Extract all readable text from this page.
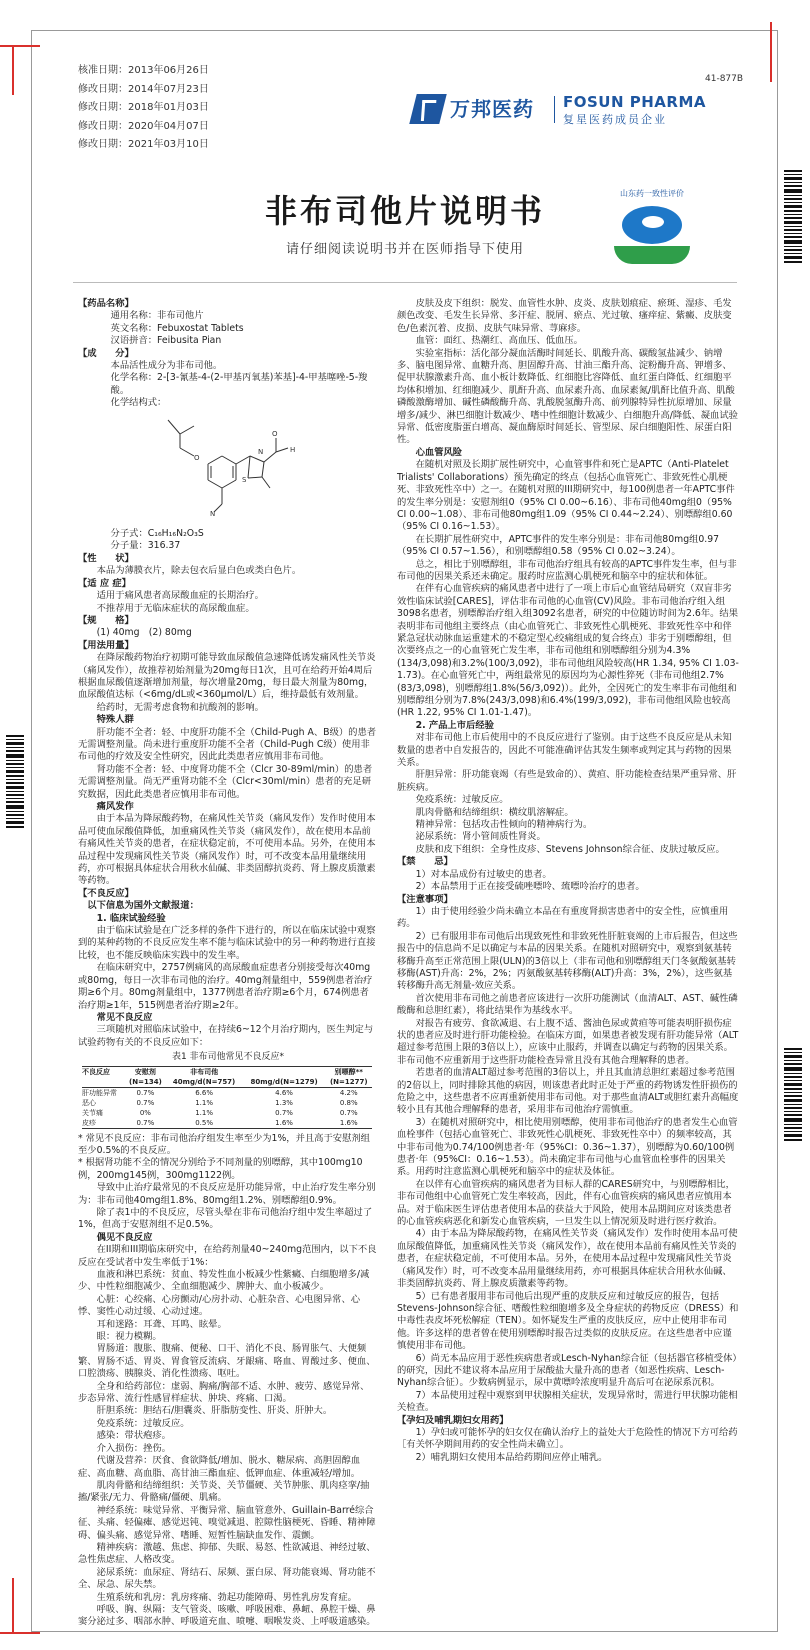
核准日期：2013年06月26日
修改日期：2014年07月23日
修改日期：2018年01月03日
修改日期：2020年04月07日
修改日期：2021年03月10日
41-877B
万邦医药 FOSUN PHARMA
复星医药成员企业
非布司他片说明书
请仔细阅读说明书并在医师指导下使用
山东药一致性评价
【药品名称】
通用名称：非布司他片
英文名称：Febuxostat Tablets
汉语拼音：Feibusita Pian
【成　　分】
本品活性成分为非布司他。
化学名称：2-[3-氰基-4-(2-甲基丙氧基)苯基]-4-甲基噻唑-5-羧酸。
化学结构式：
O
N
S
N
O
H
分子式：C₁₆H₁₆N₂O₃S
分子量：316.37
【性　　状】
本品为薄膜衣片，除去包衣后显白色或类白色片。
【适 应 症】
适用于痛风患者高尿酸血症的长期治疗。
不推荐用于无临床症状的高尿酸血症。
【规　　格】
(1) 40mg　(2) 80mg
【用法用量】
在降尿酸药物治疗初期可能导致血尿酸值急速降低诱发痛风性关节炎（痛风发作），故推荐初始剂量为20mg每日1次，且可在给药开始4周后根据血尿酸值逐渐增加剂量，每次增量20mg，每日最大剂量为80mg，血尿酸值达标（<6mg/dL或<360μmol/L）后，维持最低有效剂量。
给药时，无需考虑食物和抗酸剂的影响。
特殊人群
肝功能不全者：轻、中度肝功能不全（Child-Pugh A、B级）的患者无需调整剂量。尚未进行重度肝功能不全者（Child-Pugh C级）使用非布司他的疗效及安全性研究，因此此类患者应慎用非布司他。
肾功能不全者：轻、中度肾功能不全（Clcr 30-89ml/min）的患者无需调整剂量。尚无严重肾功能不全（Clcr<30ml/min）患者的充足研究数据，因此此类患者应慎用非布司他。
痛风发作
由于本品为降尿酸药物，在痛风性关节炎（痛风发作）发作时使用本品可使血尿酸值降低，加重痛风性关节炎（痛风发作），故在使用本品前有痛风性关节炎的患者，在症状稳定前，不可使用本品。另外，在使用本品过程中发现痛风性关节炎（痛风发作）时，可不改变本品用量继续用药，亦可根据具体症状合用秋水仙碱、非类固醇抗炎药、肾上腺皮质激素等药物。
【不良反应】
　以下信息为国外文献报道：
1. 临床试验经验
由于临床试验是在广泛多样的条件下进行的，所以在临床试验中观察到的某种药物的不良反应发生率不能与临床试验中的另一种药物进行直接比较，也不能反映临床实践中的发生率。
在临床研究中，2757例痛风的高尿酸血症患者分别接受每次40mg或80mg，每日一次非布司他的治疗。40mg剂量组中，559例患者治疗期≥6个月。80mg剂量组中，1377例患者治疗期≥6个月，674例患者治疗期≥1年，515例患者治疗期≥2年。
常见不良反应
三项随机对照临床试验中，在持续6~12个月治疗期内，医生判定与试验药物有关的不良反应如下：
表1 非布司他常见不良反应*
不良反应	安慰剂	非布司他		别嘌醇**
	(N=134)	40mg/d(N=757)	80mg/d(N=1279)	(N=1277)
肝功能异常	0.7%	6.6%	4.6%	4.2%
恶心	0.7%	1.1%	1.3%	0.8%
关节痛	0%	1.1%	0.7%	0.7%
皮疹	0.7%	0.5%	1.6%	1.6%
* 常见不良反应：非布司他治疗组发生率至少为1%，并且高于安慰剂组至少0.5%的不良反应。
* 根据肾功能不全的情况分别给予不同剂量的别嘌醇，其中100mg10例，200mg145例，300mg1122例。
导致中止治疗最常见的不良反应是肝功能异常，中止治疗发生率分别为：非布司他40mg组1.8%、80mg组1.2%、别嘌醇组0.9%。
除了表1中的不良反应，尽管头晕在非布司他治疗组中发生率超过了1%，但高于安慰剂组不足0.5%。
偶见不良反应
在II期和III期临床研究中，在给药剂量40~240mg范围内，以下不良反应在受试者中发生率低于1%：
血液和淋巴系统：贫血、特发性血小板减少性紫癜、白细胞增多/减少、中性粒细胞减少、全血细胞减少、脾肿大、血小板减少。
心脏：心绞痛、心房颤动/心房扑动、心脏杂音、心电图异常、心悸、窦性心动过缓、心动过速。
耳和迷路：耳聋、耳鸣、眩晕。
眼：视力模糊。
胃肠道：腹胀、腹痛、便秘、口干、消化不良、肠胃胀气、大便频繁、胃肠不适、胃炎、胃食管反流病、牙龈痛、咯血、胃酸过多、便血、口腔溃疡、胰腺炎、消化性溃疡、呕吐。
全身和给药部位：虚弱、胸痛/胸部不适、水肿、疲劳、感觉异常、步态异常、流行性感冒样症状、肿块、疼痛、口渴。
肝胆系统：胆结石/胆囊炎、肝脂肪变性、肝炎、肝肿大。
免疫系统：过敏反应。
感染：带状疱疹。
介入损伤：挫伤。
代谢及营养：厌食、食欲降低/增加、脱水、糖尿病、高胆固醇血症、高血糖、高血脂、高甘油三酯血症、低钾血症、体重减轻/增加。
肌肉骨骼和结缔组织：关节炎、关节僵硬、关节肿胀、肌肉痉挛/抽搐/紧张/无力、骨骼痛/僵硬、肌痛。
神经系统：味觉异常、平衡异常、脑血管意外、Guillain-Barré综合征、头痛、轻偏瘫、感觉迟钝、嗅觉减退、腔隙性脑梗死、昏睡、精神障碍、偏头痛、感觉异常、嗜睡、短暂性脑缺血发作、震颤。
精神疾病：激越、焦虑、抑郁、失眠、易怒、性欲减退、神经过敏、急性焦虑症、人格改变。
泌尿系统：血尿症、肾结石、尿频、蛋白尿、肾功能衰竭、肾功能不全、尿急、尿失禁。
生殖系统和乳房：乳房疼痛、勃起功能障碍、男性乳房发育症。
呼吸、胸、纵隔：支气管炎、咳嗽、呼吸困难、鼻衄、鼻腔干燥、鼻窦分泌过多、咽部水肿、呼吸道充血、喷嚏、咽喉发炎、上呼吸道感染。
皮肤及皮下组织：脱发、血管性水肿、皮炎、皮肤划痕症、瘀斑、湿疹、毛发颜色改变、毛发生长异常、多汗症、脱屑、瘀点、光过敏、瘙痒症、紫癜、皮肤变色/色素沉着、皮损、皮肤气味异常、荨麻疹。
血管：面红、热潮红、高血压、低血压。
实验室指标：活化部分凝血活酶时间延长、肌酸升高、碳酸氢盐减少、钠增多、脑电图异常、血糖升高、胆固醇升高、甘油三酯升高、淀粉酶升高、钾增多、促甲状腺激素升高、血小板计数降低、红细胞比容降低、血红蛋白降低、红细胞平均体积增加、红细胞减少、肌酐升高、血尿素升高、血尿素氮/肌酐比值升高、肌酸磷酸激酶增加、碱性磷酸酶升高、乳酸脱氢酶升高、前列腺特异性抗原增加、尿量增多/减少、淋巴细胞计数减少、嗜中性细胞计数减少、白细胞升高/降低、凝血试验异常、低密度脂蛋白增高、凝血酶原时间延长、管型尿、尿白细胞阳性、尿蛋白阳性。
心血管风险
在随机对照及长期扩展性研究中，心血管事件和死亡是APTC（Anti-Platelet Trialists' Collaborations）预先确定的终点（包括心血管死亡、非致死性心肌梗死、非致死性卒中）之一。在随机对照的III期研究中，每100例患者一年APTC事件的发生率分别是：安慰剂组0（95% CI 0.00~6.16）、非布司他40mg组0（95% CI 0.00~1.08）、非布司他80mg组1.09（95% CI 0.44~2.24）、别嘌醇组0.60（95% CI 0.16~1.53）。
在长期扩展性研究中，APTC事件的发生率分别是：非布司他80mg组0.97（95% CI 0.57~1.56），和别嘌醇组0.58（95% CI 0.02~3.24）。
总之，相比于别嘌醇组，非布司他治疗组具有较高的APTC事件发生率，但与非布司他的因果关系还未确定。服药时应监测心肌梗死和脑卒中的症状和体征。
在伴有心血管疾病的痛风患者中进行了一项上市后心血管结局研究（双盲非劣效性临床试验[CARES]，评估非布司他的心血管(CV)风险。非布司他治疗组入组3098名患者，别嘌醇治疗组入组3092名患者，研究的中位随访时间为2.6年。结果表明非布司他组主要终点（由心血管死亡、非致死性心肌梗死、非致死性卒中和伴紧急冠状动脉血运重建术的不稳定型心绞痛组成的复合终点）非劣于别嘌醇组，但次要终点之一的心血管死亡发生率，非布司他组和别嘌醇组分别为4.3%(134/3,098)和3.2%(100/3,092)，非布司他组风险较高(HR 1.34, 95% CI 1.03-1.73)。在心血管死亡中，两组最常见的原因均为心源性猝死（非布司他组2.7%(83/3,098)，别嘌醇组1.8%(56/3,092)）。此外，全因死亡的发生率非布司他组和别嘌醇组分别为7.8%(243/3,098)和6.4%(199/3,092)，非布司他组风险也较高(HR 1.22, 95% CI 1.01-1.47)。
2. 产品上市后经验
对非布司他上市后使用中的不良反应进行了鉴别。由于这些不良反应是从未知数量的患者中自发报告的，因此不可能准确评估其发生频率或判定其与药物的因果关系。
肝胆异常：肝功能衰竭（有些是致命的）、黄疸、肝功能检查结果严重异常、肝脏疾病。
免疫系统：过敏反应。
肌肉骨骼和结缔组织：横纹肌溶解症。
精神异常：包括攻击性倾向的精神病行为。
泌尿系统：肾小管间质性肾炎。
皮肤和皮下组织：全身性皮疹、Stevens Johnson综合征、皮肤过敏反应。
【禁　　忌】
1）对本品成份有过敏史的患者。
2）本品禁用于正在接受硫唑嘌呤、巯嘌呤治疗的患者。
【注意事项】
1）由于使用经验少尚未确立本品在有重度肾损害患者中的安全性，应慎重用药。
2）已有服用非布司他后出现致死性和非致死性肝脏衰竭的上市后报告，但这些报告中的信息尚不足以确定与本品的因果关系。在随机对照研究中，观察到氨基转移酶升高至正常范围上限(ULN)的3倍以上（非布司他和别嘌醇组天门冬氨酸氨基转移酶(AST)升高：2%，2%；丙氨酸氨基转移酶(ALT)升高：3%，2%），这些氨基转移酶升高无剂量-效应关系。
首次使用非布司他之前患者应该进行一次肝功能测试（血清ALT、AST、碱性磷酸酶和总胆红素），将此结果作为基线水平。
对报告有疲劳、食欲减退、右上腹不适、酱油色尿或黄疸等可能表明肝损伤症状的患者应及时进行肝功能检验。在临床方面，如果患者被发现有肝功能异常（ALT超过参考范围上限的3倍以上），应该中止服药，并调查以确定与药物的因果关系。非布司他不应重新用于这些肝功能检查异常且没有其他合理解释的患者。
若患者的血清ALT超过参考范围的3倍以上，并且其血清总胆红素超过参考范围的2倍以上，同时排除其他的病因，则该患者此时正处于严重的药物诱发性肝损伤的危险之中，这些患者不应再重新使用非布司他。对于那些血清ALT或胆红素升高幅度较小且有其他合理解释的患者，采用非布司他治疗需慎重。
3）在随机对照研究中，相比使用别嘌醇，使用非布司他治疗的患者发生心血管血栓事件（包括心血管死亡、非致死性心肌梗死、非致死性卒中）的频率较高，其中非布司他为0.74/100例患者·年（95%CI：0.36~1.37），别嘌醇为0.60/100例患者·年（95%CI：0.16~1.53）。尚未确定非布司他与心血管血栓事件的因果关系。用药时注意监测心肌梗死和脑卒中的症状及体征。
在以伴有心血管疾病的痛风患者为目标人群的CARES研究中，与别嘌醇相比，非布司他组中心血管死亡发生率较高，因此，伴有心血管疾病的痛风患者应慎用本品。对于临床医生评估患者使用本品的获益大于风险，使用本品期间应对该类患者的心血管疾病恶化和新发心血管疾病，一旦发生以上情况须及时进行医疗救治。
4）由于本品为降尿酸药物，在痛风性关节炎（痛风发作）发作时使用本品可使血尿酸值降低，加重痛风性关节炎（痛风发作），故在使用本品前有痛风性关节炎的患者，在症状稳定前，不可使用本品。另外，在使用本品过程中发现痛风性关节炎（痛风发作）时，可不改变本品用量继续用药，亦可根据具体症状合用秋水仙碱、非类固醇抗炎药、肾上腺皮质激素等药物。
5）已有患者服用非布司他后出现严重的皮肤反应和过敏反应的报告，包括Stevens-Johnson综合征、嗜酸性粒细胞增多及全身症状的药物反应（DRESS）和中毒性表皮坏死松解症（TEN）。如怀疑发生严重的皮肤反应，应中止使用非布司他。许多这样的患者曾在使用别嘌醇时报告过类似的皮肤反应。在这些患者中应谨慎使用非布司他。
6）尚无本品应用于恶性疾病患者或Lesch-Nyhan综合征（包括器官移植受体）的研究，因此不建议将本品应用于尿酸盐大量升高的患者（如恶性疾病、Lesch-Nyhan综合征）。少数病例显示，尿中黄嘌呤浓度明显升高后可在泌尿系沉积。
7）本品使用过程中观察到甲状腺相关症状，发现异常时，需进行甲状腺功能相关检查。
【孕妇及哺乳期妇女用药】
1）孕妇或可能怀孕的妇女仅在确认治疗上的益处大于危险性的情况下方可给药［有关怀孕期间用药的安全性尚未确立］。
2）哺乳期妇女使用本品给药期间应停止哺乳。
